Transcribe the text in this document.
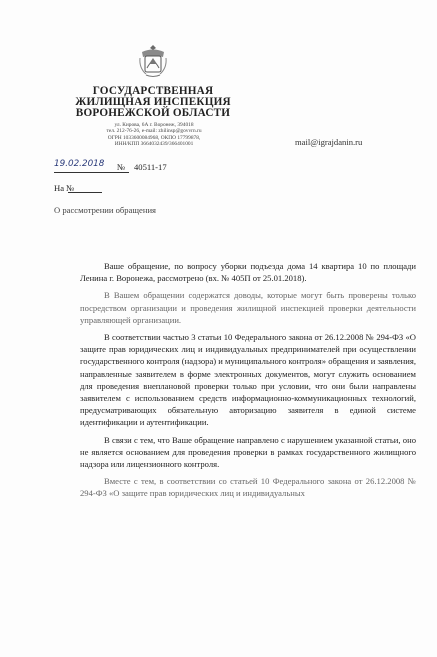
ГОСУДАРСТВЕННАЯ
ЖИЛИЩНАЯ ИНСПЕКЦИЯ
ВОРОНЕЖСКОЙ ОБЛАСТИ
ул. Кирова, 6А г. Воронеж, 394018
тел. 212-76-26, e-mail: zhilinsp@govvrn.ru
ОГРН 1033600084968, ОКПО 17799878,
ИНН/КПП 3664032439/366401001	mail@igrajdanin.ru
19.02.2018 № 40511-17
На №
О рассмотрении обращения

Ваше обращение, по вопросу уборки подъезда дома 14 квартира 10 по площади Ленина г. Воронежа, рассмотрено (вх. № 405П от 25.01.2018).

В Вашем обращении содержатся доводы, которые могут быть проверены только посредством организации и проведения жилищной инспекцией проверки деятельности управляющей организации.

В соответствии частью 3 статьи 10 Федерального закона от 26.12.2008 № 294-ФЗ «О защите прав юридических лиц и индивидуальных предпринимателей при осуществлении государственного контроля (надзора) и муниципального контроля» обращения и заявления, направленные заявителем в форме электронных документов, могут служить основанием для проведения внеплановой проверки только при условии, что они были направлены заявителем с использованием средств информационно-коммуникационных технологий, предусматривающих обязательную авторизацию заявителя в единой системе идентификации и аутентификации.

В связи с тем, что Ваше обращение направлено с нарушением указанной статьи, оно не является основанием для проведения проверки в рамках государственного жилищного надзора или лицензионного контроля.

Вместе с тем, в соответствии со статьей 10 Федерального закона от 26.12.2008 № 294-ФЗ «О защите прав юридических лиц и индивидуальных
